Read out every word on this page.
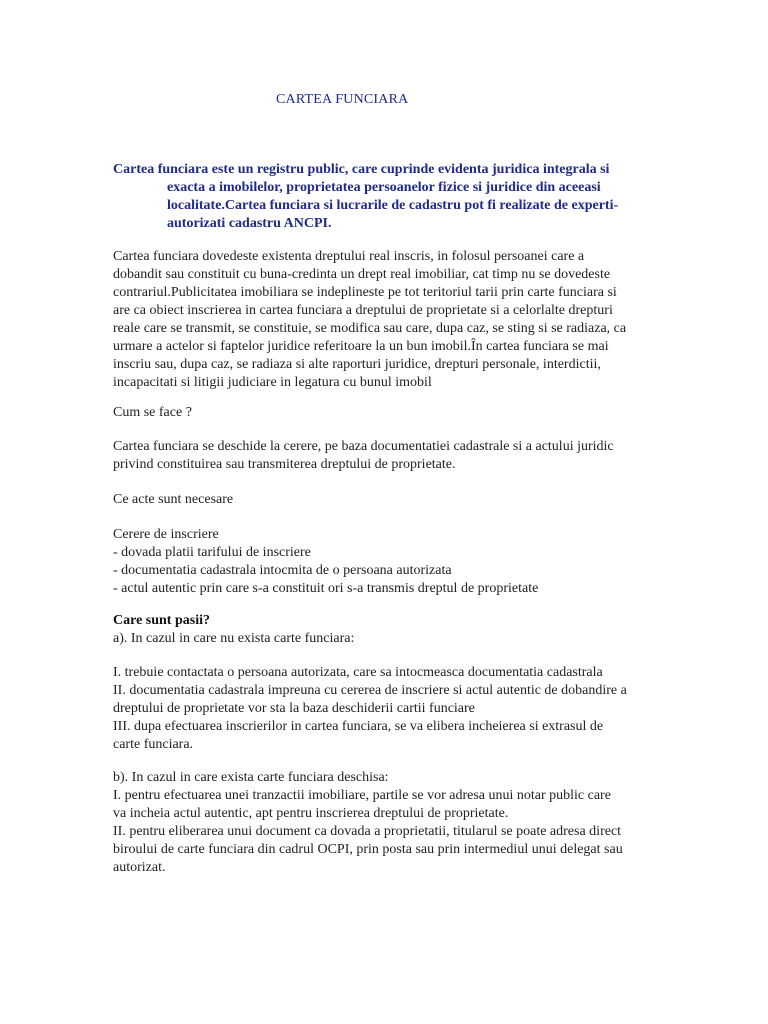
CARTEA FUNCIARA
Cartea funciara este un registru public, care cuprinde evidenta juridica integrala si
exacta a imobilelor, proprietatea persoanelor fizice si juridice din aceeasi
localitate.Cartea funciara si lucrarile de cadastru pot fi realizate de experti-
autorizati cadastru ANCPI.
Cartea funciara dovedeste existenta dreptului real inscris, in folosul persoanei care a
dobandit sau constituit cu buna-credinta un drept real imobiliar, cat timp nu se dovedeste
contrariul.Publicitatea imobiliara se indeplineste pe tot teritoriul tarii prin carte funciara si
are ca obiect inscrierea in cartea funciara a dreptului de proprietate si a celorlalte drepturi
reale care se transmit, se constituie, se modifica sau care, dupa caz, se sting si se radiaza, ca
urmare a actelor si faptelor juridice referitoare la un bun imobil.În cartea funciara se mai
inscriu sau, dupa caz, se radiaza si alte raporturi juridice, drepturi personale, interdictii,
incapacitati si litigii judiciare in legatura cu bunul imobil
Cum se face ?
Cartea funciara se deschide la cerere, pe baza documentatiei cadastrale si a actului juridic
privind constituirea sau transmiterea dreptului de proprietate.
Ce acte sunt necesare
Cerere de inscriere
- dovada platii tarifului de inscriere
- documentatia cadastrala intocmita de o persoana autorizata
- actul autentic prin care s-a constituit ori s-a transmis dreptul de proprietate
Care sunt pasii?
a). In cazul in care nu exista carte funciara:
I. trebuie contactata o persoana autorizata, care sa intocmeasca documentatia cadastrala
II. documentatia cadastrala impreuna cu cererea de inscriere si actul autentic de dobandire a
dreptului de proprietate vor sta la baza deschiderii cartii funciare
III. dupa efectuarea inscrierilor in cartea funciara, se va elibera incheierea si extrasul de
carte funciara.
b). In cazul in care exista carte funciara deschisa:
I. pentru efectuarea unei tranzactii imobiliare, partile se vor adresa unui notar public care
va incheia actul autentic, apt pentru inscrierea dreptului de proprietate.
II. pentru eliberarea unui document ca dovada a proprietatii, titularul se poate adresa direct
biroului de carte funciara din cadrul OCPI, prin posta sau prin intermediul unui delegat sau
autorizat.
